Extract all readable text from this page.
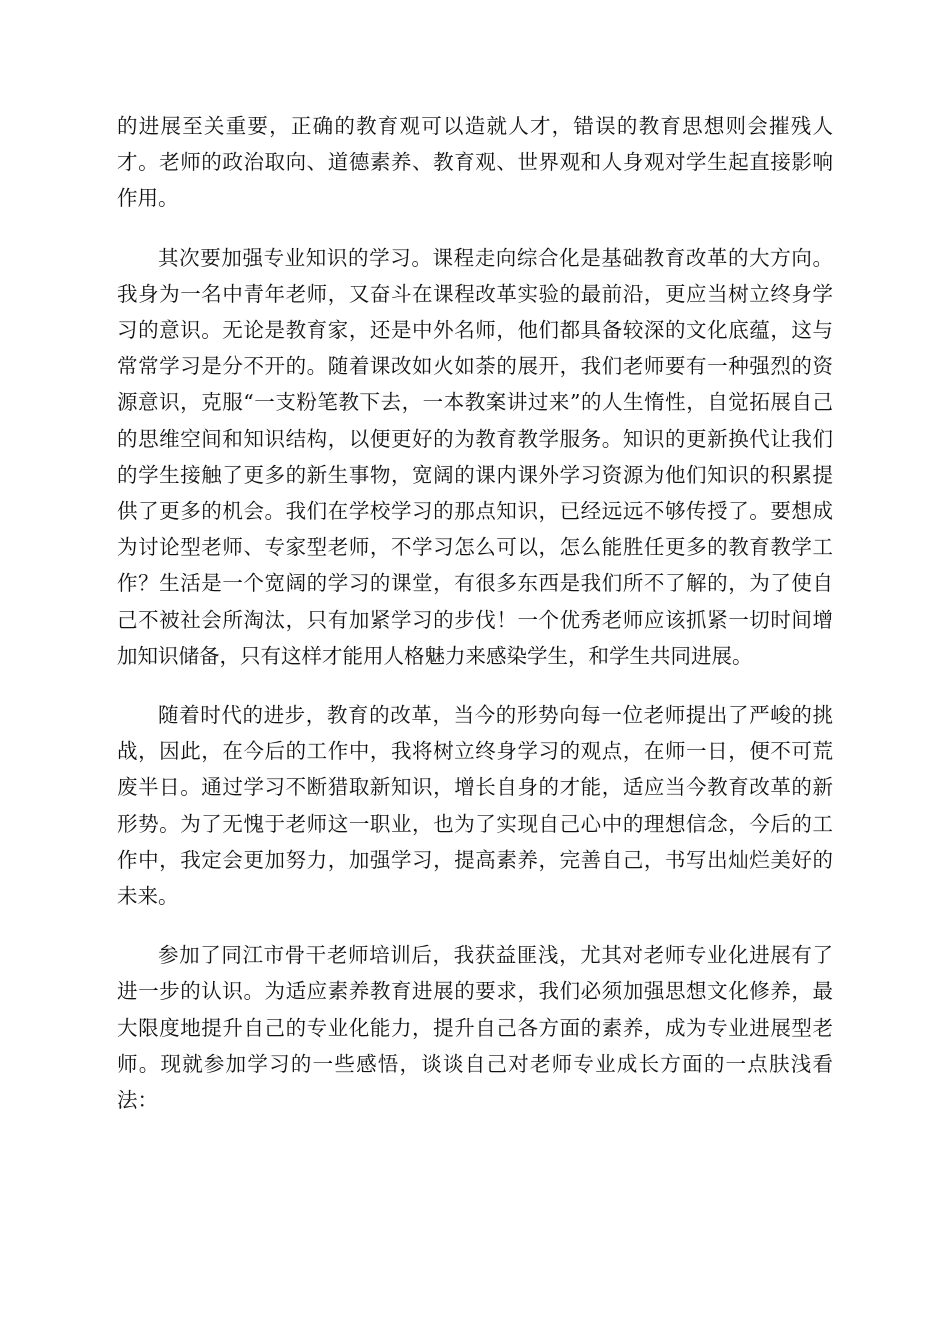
的进展至关重要，正确的教育观可以造就人才，错误的教育思想则会摧残人才。老师的政治取向、道德素养、教育观、世界观和人身观对学生起直接影响作用。

其次要加强专业知识的学习。课程走向综合化是基础教育改革的大方向。我身为一名中青年老师，又奋斗在课程改革实验的最前沿，更应当树立终身学习的意识。无论是教育家，还是中外名师，他们都具备较深的文化底蕴，这与常常学习是分不开的。随着课改如火如荼的展开，我们老师要有一种强烈的资源意识，克服“一支粉笔教下去，一本教案讲过来”的人生惰性，自觉拓展自己的思维空间和知识结构，以便更好的为教育教学服务。知识的更新换代让我们的学生接触了更多的新生事物，宽阔的课内课外学习资源为他们知识的积累提供了更多的机会。我们在学校学习的那点知识，已经远远不够传授了。要想成为讨论型老师、专家型老师，不学习怎么可以，怎么能胜任更多的教育教学工作？生活是一个宽阔的学习的课堂，有很多东西是我们所不了解的，为了使自己不被社会所淘汰，只有加紧学习的步伐！一个优秀老师应该抓紧一切时间增加知识储备，只有这样才能用人格魅力来感染学生，和学生共同进展。

随着时代的进步，教育的改革，当今的形势向每一位老师提出了严峻的挑战，因此，在今后的工作中，我将树立终身学习的观点，在师一日，便不可荒废半日。通过学习不断猎取新知识，增长自身的才能，适应当今教育改革的新形势。为了无愧于老师这一职业，也为了实现自己心中的理想信念，今后的工作中，我定会更加努力，加强学习，提高素养，完善自己，书写出灿烂美好的未来。

参加了同江市骨干老师培训后，我获益匪浅，尤其对老师专业化进展有了进一步的认识。为适应素养教育进展的要求，我们必须加强思想文化修养，最大限度地提升自己的专业化能力，提升自己各方面的素养，成为专业进展型老师。现就参加学习的一些感悟，谈谈自己对老师专业成长方面的一点肤浅看法：
